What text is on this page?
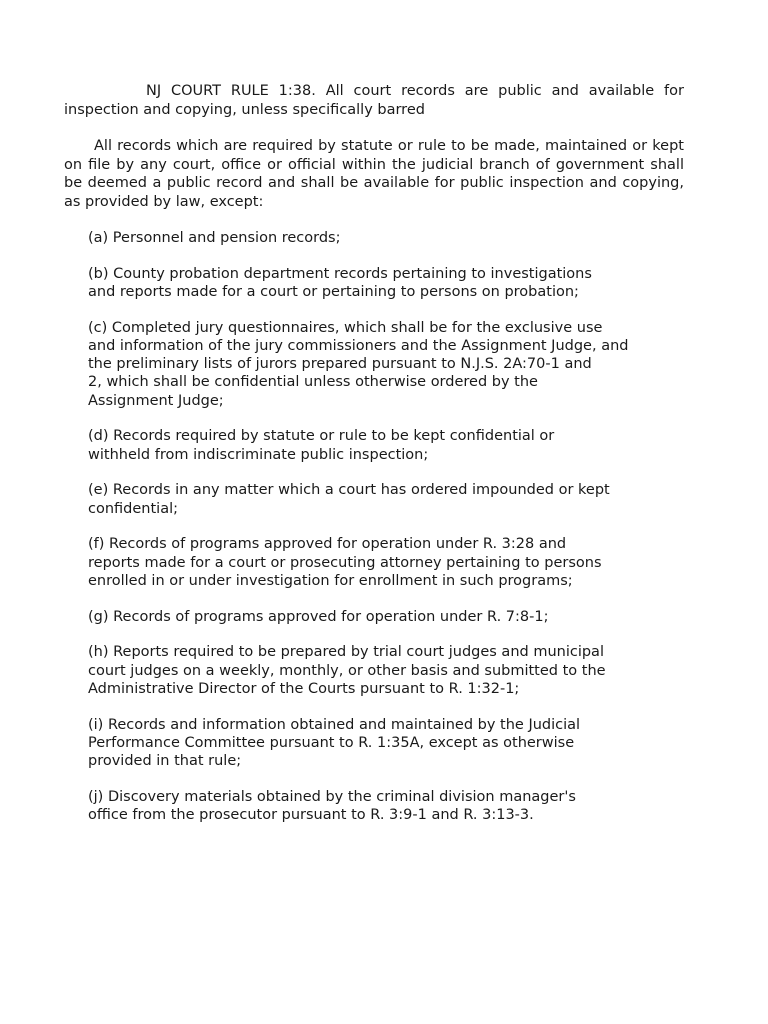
NJ COURT RULE 1:38. All court records are public and available for inspection and copying, unless specifically barred

All records which are required by statute or rule to be made, maintained or kept on file by any court, office or official within the judicial branch of government shall be deemed a public record and shall be available for public inspection and copying, as provided by law, except:

(a) Personnel and pension records;
(b) County probation department records pertaining to investigations
and reports made for a court or pertaining to persons on probation;
(c) Completed jury questionnaires, which shall be for the exclusive use
and information of the jury commissioners and the Assignment Judge, and
the preliminary lists of jurors prepared pursuant to N.J.S. 2A:70-1 and
2, which shall be confidential unless otherwise ordered by the
Assignment Judge;
(d) Records required by statute or rule to be kept confidential or
withheld from indiscriminate public inspection;
(e) Records in any matter which a court has ordered impounded or kept
confidential;
(f) Records of programs approved for operation under R. 3:28 and
reports made for a court or prosecuting attorney pertaining to persons
enrolled in or under investigation for enrollment in such programs;
(g) Records of programs approved for operation under R. 7:8-1;
(h) Reports required to be prepared by trial court judges and municipal
court judges on a weekly, monthly, or other basis and submitted to the
Administrative Director of the Courts pursuant to R. 1:32-1;
(i) Records and information obtained and maintained by the Judicial
Performance Committee pursuant to R. 1:35A, except as otherwise
provided in that rule;
(j) Discovery materials obtained by the criminal division manager's
office from the prosecutor pursuant to R. 3:9-1 and R. 3:13-3.
